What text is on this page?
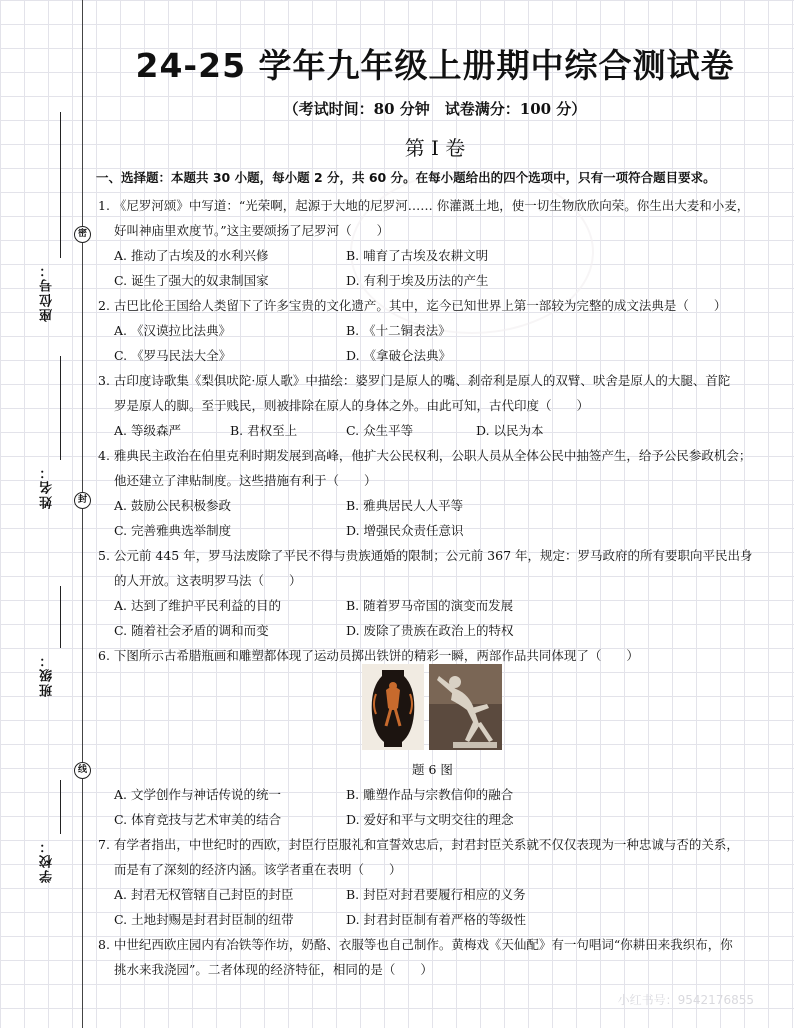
密
封
线
座位号：
姓名：
班级：
学校：
24-25 学年九年级上册期中综合测试卷
（考试时间：80 分钟　试卷满分：100 分）
第 I 卷
一、选择题：本题共 30 小题，每小题 2 分，共 60 分。在每小题给出的四个选项中，只有一项符合题目要求。
1. 《尼罗河颂》中写道：“光荣啊，起源于大地的尼罗河…… 你灌溉土地，使一切生物欣欣向荣。你生出大麦和小麦，
好叫神庙里欢度节。”这主要颂扬了尼罗河（　　）
A. 推动了古埃及的水利兴修	B. 哺育了古埃及农耕文明
C. 诞生了强大的奴隶制国家	D. 有利于埃及历法的产生
2. 古巴比伦王国给人类留下了许多宝贵的文化遗产。其中，迄今已知世界上第一部较为完整的成文法典是（　　）
A. 《汉谟拉比法典》	B. 《十二铜表法》
C. 《罗马民法大全》	D. 《拿破仑法典》
3. 古印度诗歌集《梨俱吠陀·原人歌》中描绘：婆罗门是原人的嘴、刹帝利是原人的双臂、吠舍是原人的大腿、首陀
罗是原人的脚。至于贱民，则被排除在原人的身体之外。由此可知，古代印度（　　）
A. 等级森严	B. 君权至上	C. 众生平等	D. 以民为本
4. 雅典民主政治在伯里克利时期发展到高峰，他扩大公民权利，公职人员从全体公民中抽签产生，给予公民参政机会；
他还建立了津贴制度。这些措施有利于（　　）
A. 鼓励公民积极参政	B. 雅典居民人人平等
C. 完善雅典选举制度	D. 增强民众责任意识
5. 公元前 445 年，罗马法废除了平民不得与贵族通婚的限制；公元前 367 年，规定：罗马政府的所有要职向平民出身
的人开放。这表明罗马法（　　）
A. 达到了维护平民利益的目的	B. 随着罗马帝国的演变而发展
C. 随着社会矛盾的调和而变	D. 废除了贵族在政治上的特权
6. 下图所示古希腊瓶画和雕塑都体现了运动员掷出铁饼的精彩一瞬，两部作品共同体现了（　　）
题 6 图
A. 文学创作与神话传说的统一	B. 雕塑作品与宗教信仰的融合
C. 体育竞技与艺术审美的结合	D. 爱好和平与文明交往的理念
7. 有学者指出，中世纪时的西欧，封臣行臣服礼和宣誓效忠后，封君封臣关系就不仅仅表现为一种忠诚与否的关系，
而是有了深刻的经济内涵。该学者重在表明（　　）
A. 封君无权管辖自己封臣的封臣	B. 封臣对封君要履行相应的义务
C. 土地封赐是封君封臣制的纽带	D. 封君封臣制有着严格的等级性
8. 中世纪西欧庄园内有冶铁等作坊，奶酪、衣服等也自己制作。黄梅戏《天仙配》有一句唱词“你耕田来我织布，你
挑水来我浇园”。二者体现的经济特征，相同的是（　　）
小红书号：9542176855
